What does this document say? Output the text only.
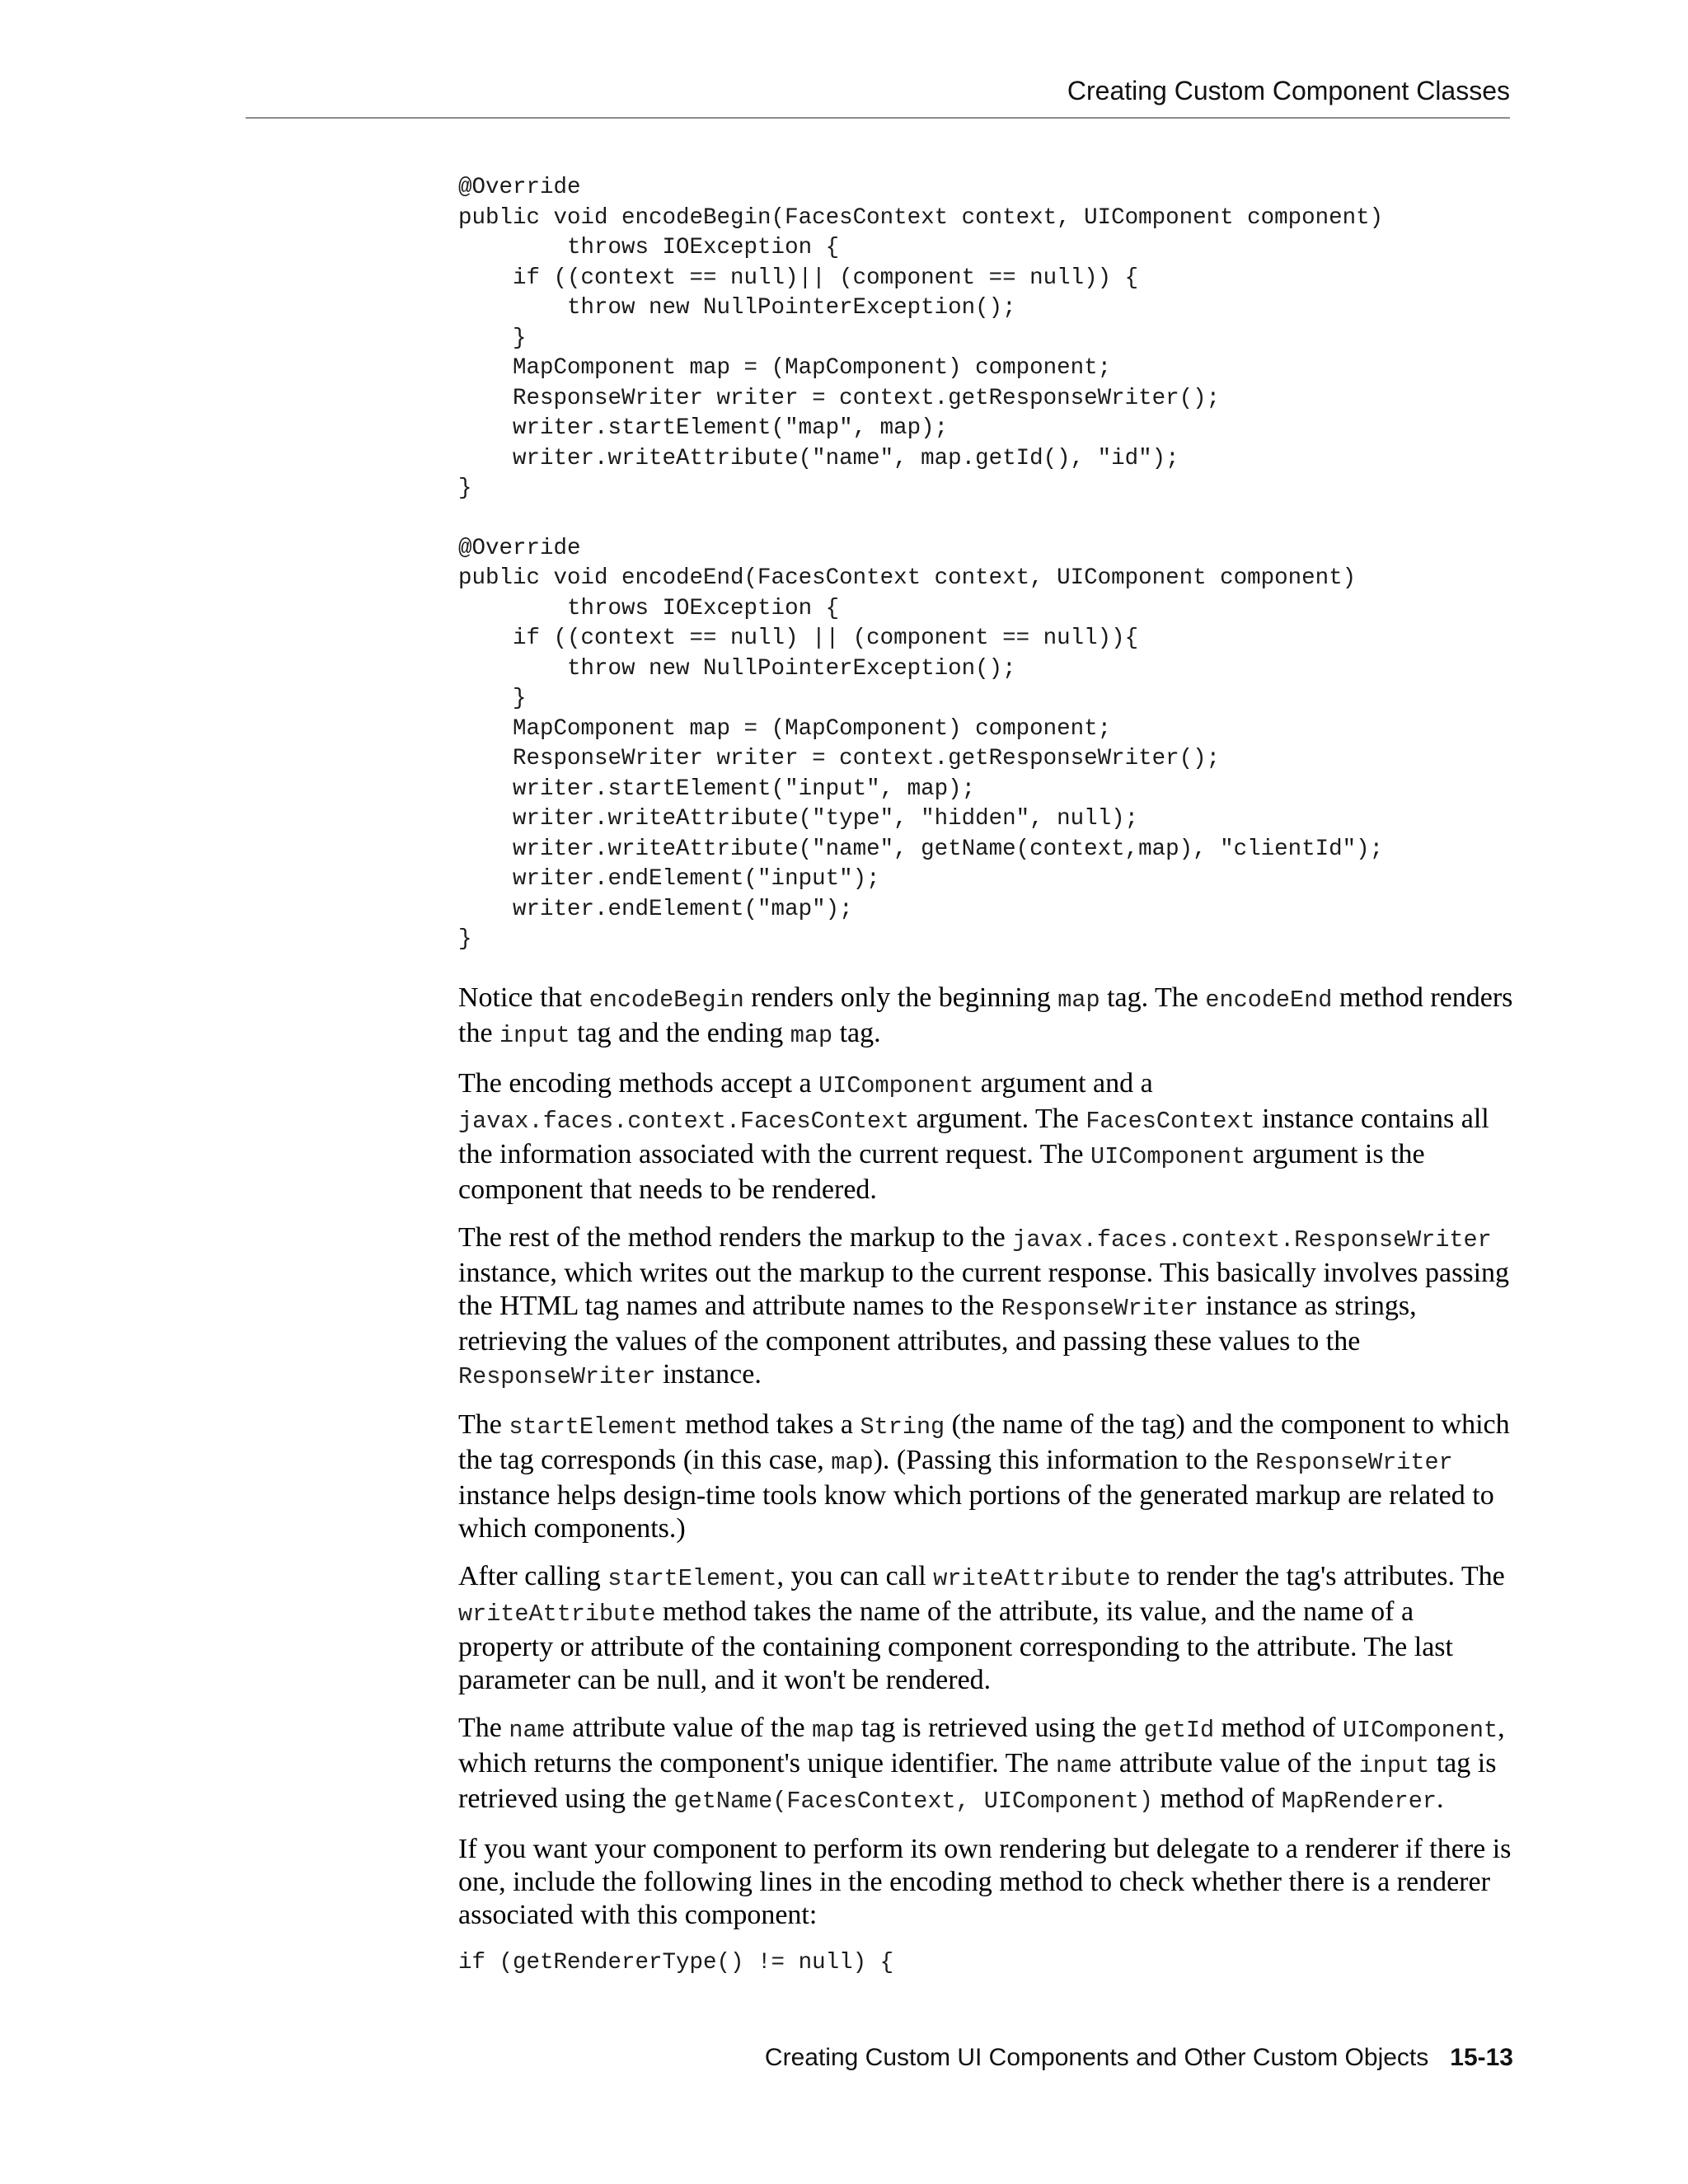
Creating Custom Component Classes
@Override
public void encodeBegin(FacesContext context, UIComponent component)
throws IOException {
if ((context == null)|| (component == null)) {
throw new NullPointerException();
}
MapComponent map = (MapComponent) component;
ResponseWriter writer = context.getResponseWriter();
writer.startElement("map", map);
writer.writeAttribute("name", map.getId(), "id");
}
@Override
public void encodeEnd(FacesContext context, UIComponent component)
throws IOException {
if ((context == null) || (component == null)){
throw new NullPointerException();
}
MapComponent map = (MapComponent) component;
ResponseWriter writer = context.getResponseWriter();
writer.startElement("input", map);
writer.writeAttribute("type", "hidden", null);
writer.writeAttribute("name", getName(context,map), "clientId");
writer.endElement("input");
writer.endElement("map");
}

Notice that encodeBegin renders only the beginning map tag. The encodeEnd method renders the input tag and the ending map tag.

The encoding methods accept a UIComponent argument and a javax.faces.context.FacesContext argument. The FacesContext instance contains all the information associated with the current request. The UIComponent argument is the component that needs to be rendered.

The rest of the method renders the markup to the javax.faces.context.ResponseWriter instance, which writes out the markup to the current response. This basically involves passing the HTML tag names and attribute names to the ResponseWriter instance as strings, retrieving the values of the component attributes, and passing these values to the ResponseWriter instance.

The startElement method takes a String (the name of the tag) and the component to which the tag corresponds (in this case, map). (Passing this information to the ResponseWriter instance helps design-time tools know which portions of the generated markup are related to which components.)

After calling startElement, you can call writeAttribute to render the tag's attributes. The writeAttribute method takes the name of the attribute, its value, and the name of a property or attribute of the containing component corresponding to the attribute. The last parameter can be null, and it won't be rendered.

The name attribute value of the map tag is retrieved using the getId method of UIComponent, which returns the component's unique identifier. The name attribute value of the input tag is retrieved using the getName(FacesContext, UIComponent) method of MapRenderer.

If you want your component to perform its own rendering but delegate to a renderer if there is one, include the following lines in the encoding method to check whether there is a renderer associated with this component:

if (getRendererType() != null) {
Creating Custom UI Components and Other Custom Objects 15-13
